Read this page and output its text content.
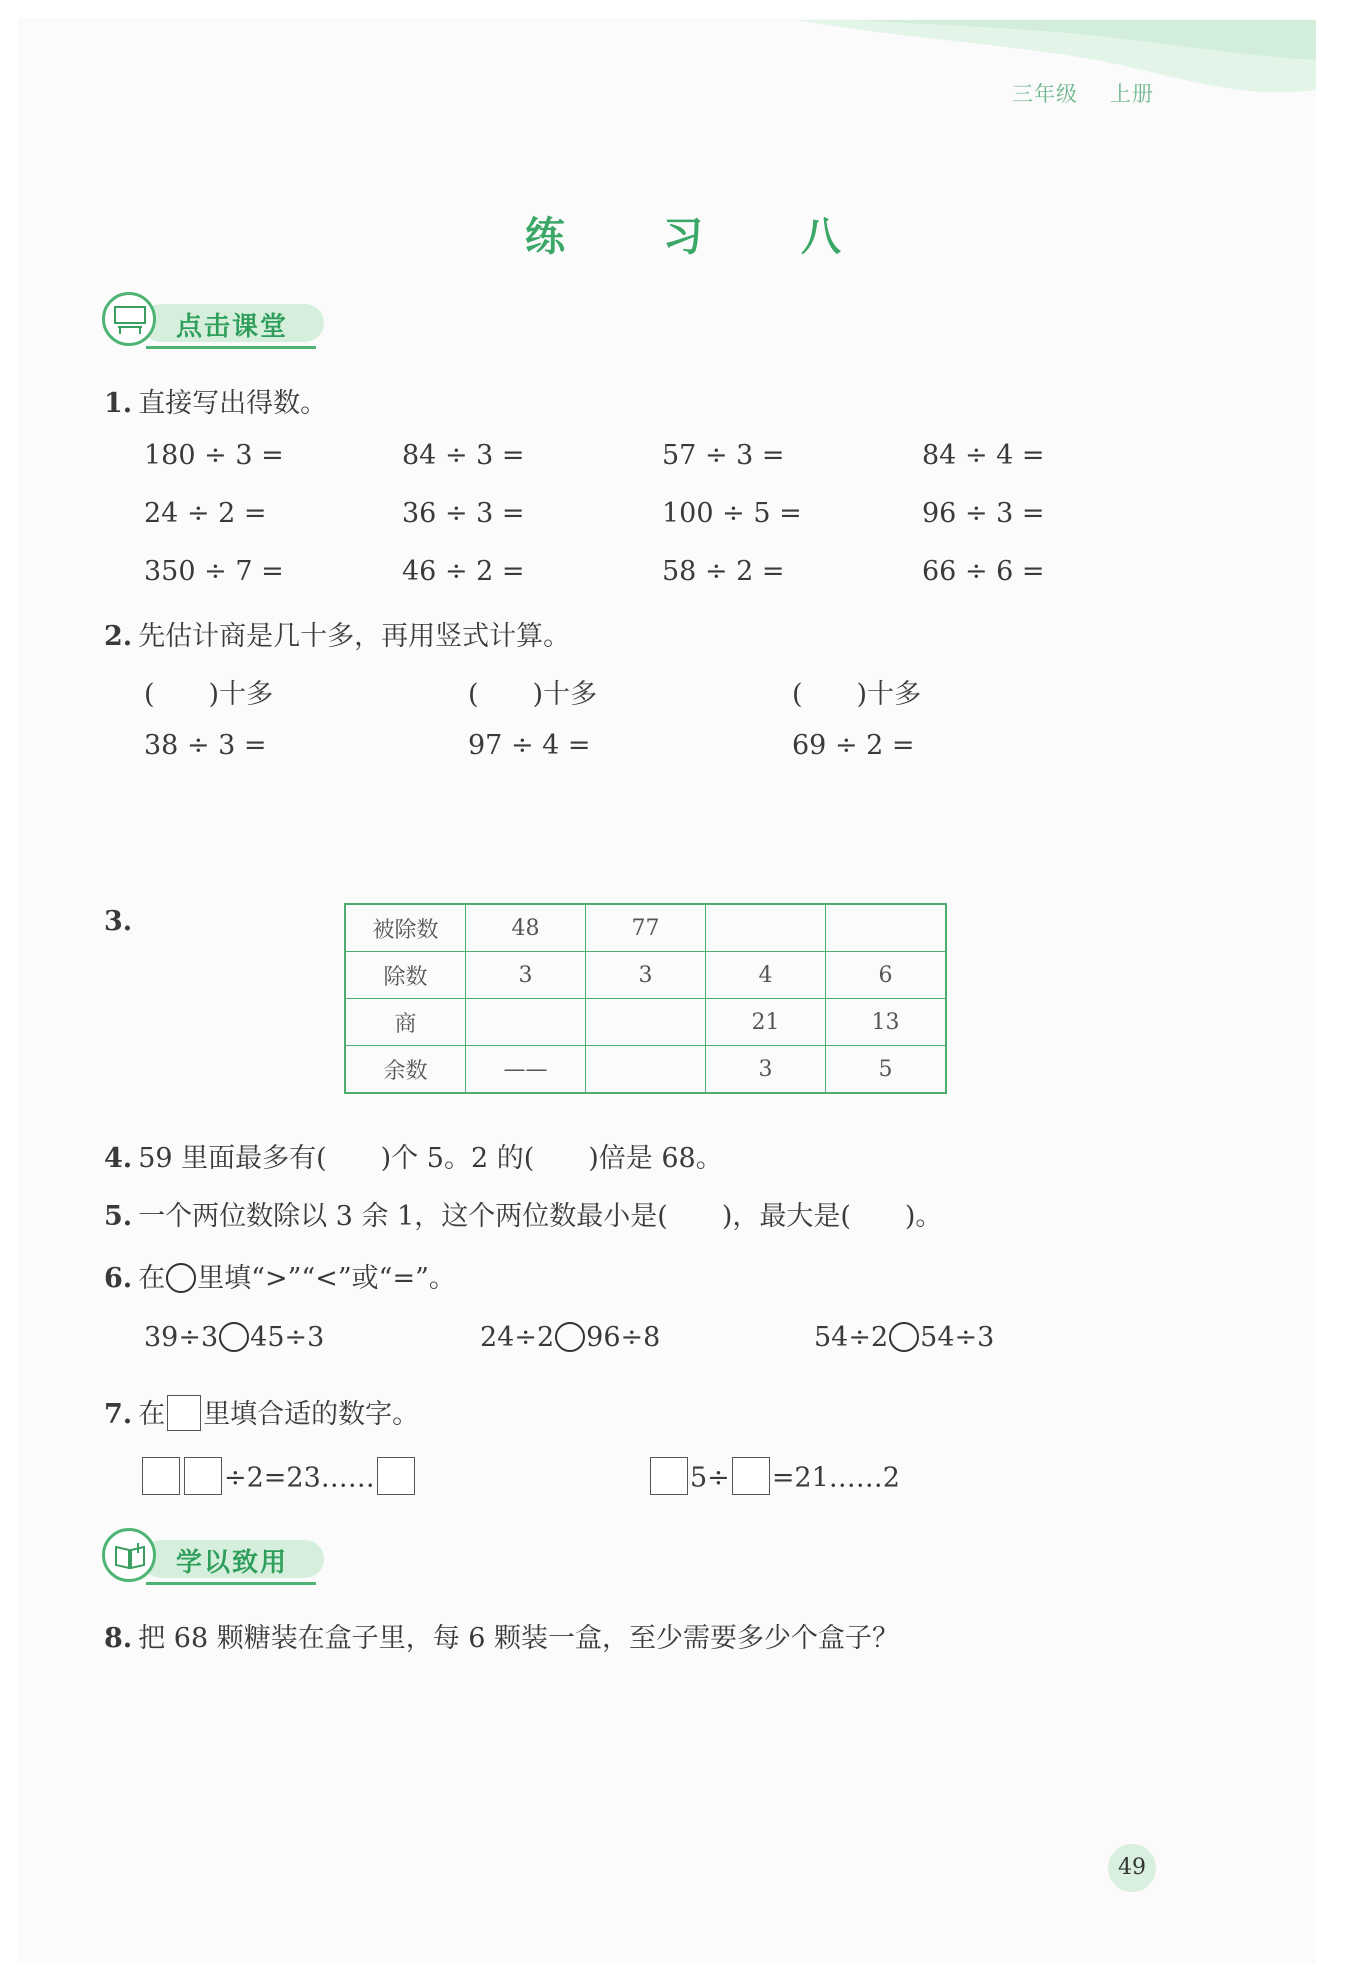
三年级 上册
练 习 八
点击课堂
1. 直接写出得数。
180 ÷ 3 =	84 ÷ 3 =	57 ÷ 3 =	84 ÷ 4 =
24 ÷ 2 =	36 ÷ 3 =	100 ÷ 5 =	96 ÷ 3 =
350 ÷ 7 =	46 ÷ 2 =	58 ÷ 2 =	66 ÷ 6 =
2. 先估计商是几十多，再用竖式计算。
(　　)十多	(　　)十多	(　　)十多
38 ÷ 3 =	97 ÷ 4 =	69 ÷ 2 =
3.	被除数	48	77		
除数	3	3	4	6
商			21	13
余数	——		3	5
4. 59 里面最多有(　　)个 5。2 的(　　)倍是 68。
5. 一个两位数除以 3 余 1，这个两位数最小是(　　)，最大是(　　)。
6. 在 里填“>”“<”或“=”。
39÷3 45÷3	24÷2 96÷8	54÷2 54÷3
7. 在 里填合适的数字。
÷2=23……	5÷ =21……2
学以致用
8. 把 68 颗糖装在盒子里，每 6 颗装一盒，至少需要多少个盒子？
49
